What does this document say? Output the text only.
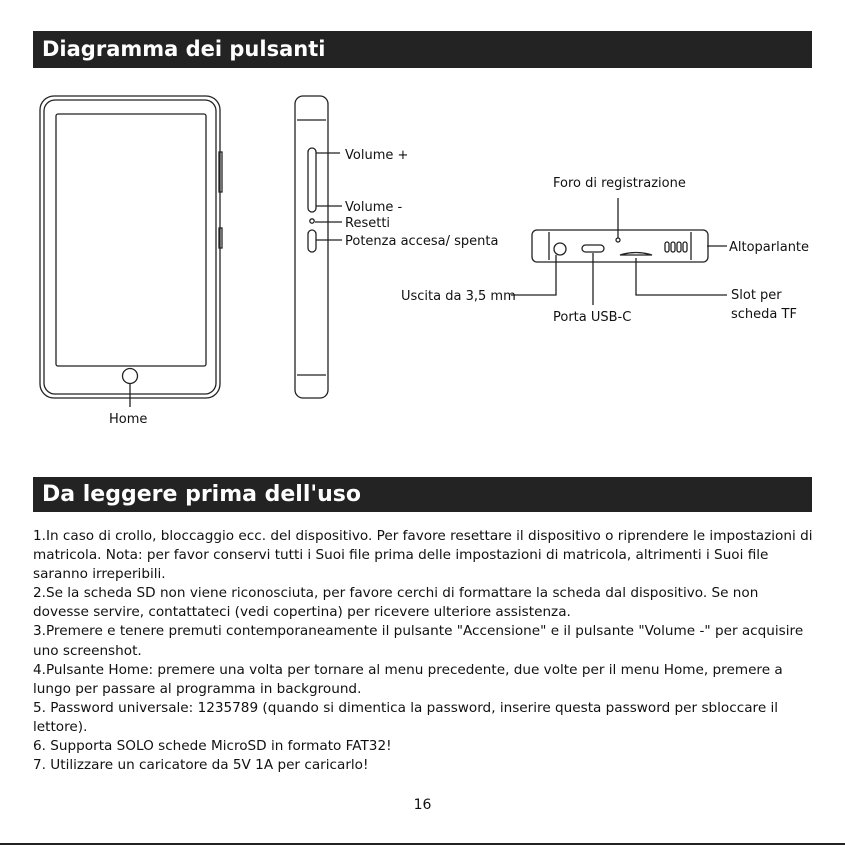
Diagramma dei pulsanti
Home
Volume +
Volume -
Resetti
Potenza accesa/ spenta
Foro di registrazione
Altoparlante
Uscita da 3,5 mm
Porta USB-C
Slot per
scheda TF
Da leggere prima dell'uso

1.In caso di crollo, bloccaggio ecc. del dispositivo. Per favore resettare il dispositivo o riprendere le impostazioni di matricola. Nota: per favor conservi tutti i Suoi file prima delle impostazioni di matricola, altrimenti i Suoi file saranno irreperibili.

2.Se la scheda SD non viene riconosciuta, per favore cerchi di formattare la scheda dal dispositivo. Se non dovesse servire, contattateci (vedi copertina) per ricevere ulteriore assistenza.

3.Premere e tenere premuti contemporaneamente il pulsante "Accensione" e il pulsante "Volume -" per acquisire uno screenshot.

4.Pulsante Home: premere una volta per tornare al menu precedente, due volte per il menu Home, premere a lungo per passare al programma in background.

5. Password universale: 1235789 (quando si dimentica la password, inserire questa password per sbloccare il lettore).

6. Supporta SOLO schede MicroSD in formato FAT32!

7. Utilizzare un caricatore da 5V 1A per caricarlo!

16
